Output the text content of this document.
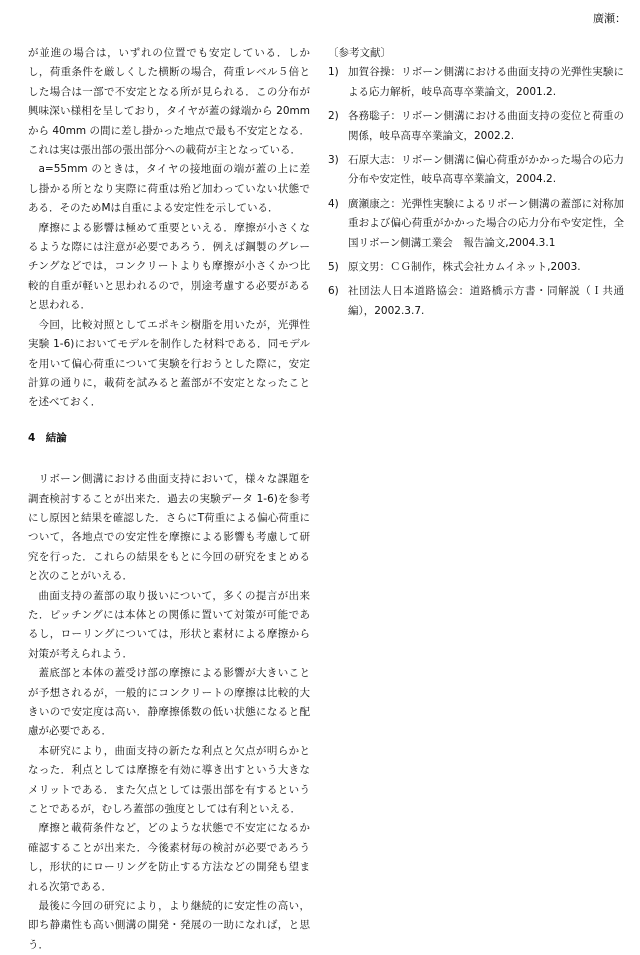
廣瀬：

が並進の場合は，いずれの位置でも安定している．しかし，荷重条件を厳しくした横断の場合，荷重レベル５倍とした場合は一部で不安定となる所が見られる．この分布が興味深い様相を呈しており，タイヤが蓋の縁端から 20mm から 40mm の間に差し掛かった地点で最も不安定となる．これは実は張出部の張出部分への載荷が主となっている．

a=55mm のときは，タイヤの接地面の端が蓋の上に差し掛かる所となり実際に荷重は殆ど加わっていない状態である．そのためMは自重による安定性を示している．

摩擦による影響は極めて重要といえる．摩擦が小さくなるような際には注意が必要であろう．例えば鋼製のグレーチングなどでは，コンクリートよりも摩擦が小さくかつ比較的自重が軽いと思われるので，別途考慮する必要があると思われる．

今回，比較対照としてエポキシ樹脂を用いたが，光弾性実験 1-6)においてモデルを制作した材料である．同モデルを用いて偏心荷重について実験を行おうとした際に，安定計算の通りに，載荷を試みると蓋部が不安定となったことを述べておく．

4　結論

リボーン側溝における曲面支持において，様々な課題を調査検討することが出来た．過去の実験データ 1-6)を参考にし原因と結果を確認した．さらにT荷重による偏心荷重について，各地点での安定性を摩擦による影響も考慮して研究を行った．これらの結果をもとに今回の研究をまとめると次のことがいえる．

曲面支持の蓋部の取り扱いについて，多くの提言が出来た．ピッチングには本体との関係に置いて対策が可能であるし，ローリングについては，形状と素材による摩擦から対策が考えられよう．

蓋底部と本体の蓋受け部の摩擦による影響が大きいことが予想されるが，一般的にコンクリートの摩擦は比較的大きいので安定度は高い．静摩擦係数の低い状態になると配慮が必要である．

本研究により，曲面支持の新たな利点と欠点が明らかとなった．利点としては摩擦を有効に導き出すという大きなメリットである．また欠点としては張出部を有するということであるが，むしろ蓋部の強度としては有利といえる．

摩擦と載荷条件など，どのような状態で不安定になるか確認することが出来た．今後素材毎の検討が必要であろうし，形状的にローリングを防止する方法などの開発も望まれる次第である．

最後に今回の研究により，より継続的に安定性の高い，即ち静粛性も高い側溝の開発・発展の一助になれば，と思う．

〔参考文献〕

1) 加賀谷操：リボーン側溝における曲面支持の光弾性実験による応力解析，岐阜高専卒業論文，2001.2.

2) 各務聡子：リボーン側溝における曲面支持の変位と荷重の関係，岐阜高専卒業論文，2002.2.

3) 石原大志：リボーン側溝に偏心荷重がかかった場合の応力分布や安定性，岐阜高専卒業論文，2004.2.

4) 廣瀬康之：光弾性実験によるリボーン側溝の蓋部に対称加重および偏心荷重がかかった場合の応力分布や安定性，全国リボーン側溝工業会　報告論文,2004.3.1

5) 原文男：ＣＧ制作，株式会社カムイネット,2003.

6) 社団法人日本道路協会：道路橋示方書・同解説（Ｉ共通編），2002.3.7.
